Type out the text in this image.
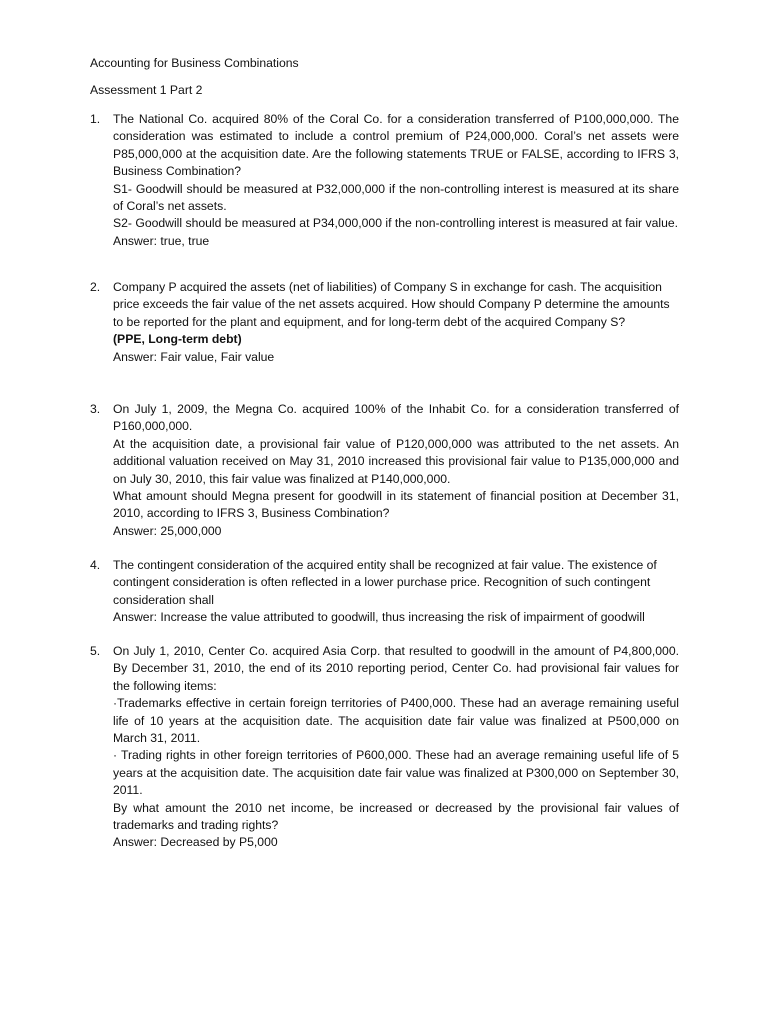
Accounting for Business Combinations
Assessment 1 Part 2
1.	The National Co. acquired 80% of the Coral Co. for a consideration transferred of P100,000,000. The consideration was estimated to include a control premium of P24,000,000. Coral’s net assets were P85,000,000 at the acquisition date. Are the following statements TRUE or FALSE, according to IFRS 3, Business Combination?

S1- Goodwill should be measured at P32,000,000 if the non-controlling interest is measured at its share of Coral’s net assets.

S2- Goodwill should be measured at P34,000,000 if the non-controlling interest is measured at fair value.

Answer: true, true

2.	Company P acquired the assets (net of liabilities) of Company S in exchange for cash. The acquisition price exceeds the fair value of the net assets acquired. How should Company P determine the amounts to be reported for the plant and equipment, and for long-term debt of the acquired Company S?

(PPE, Long-term debt)

Answer: Fair value, Fair value

3.	On July 1, 2009, the Megna Co. acquired 100% of the Inhabit Co. for a consideration transferred of P160,000,000.

At the acquisition date, a provisional fair value of P120,000,000 was attributed to the net assets. An additional valuation received on May 31, 2010 increased this provisional fair value to P135,000,000 and on July 30, 2010, this fair value was finalized at P140,000,000.

What amount should Megna present for goodwill in its statement of financial position at December 31, 2010, according to IFRS 3, Business Combination?

Answer: 25,000,000

4.	The contingent consideration of the acquired entity shall be recognized at fair value. The existence of contingent consideration is often reflected in a lower purchase price. Recognition of such contingent consideration shall

Answer: Increase the value attributed to goodwill, thus increasing the risk of impairment of goodwill

5.	On July 1, 2010, Center Co. acquired Asia Corp. that resulted to goodwill in the amount of P4,800,000. By December 31, 2010, the end of its 2010 reporting period, Center Co. had provisional fair values for the following items:

·Trademarks effective in certain foreign territories of P400,000. These had an average remaining useful life of 10 years at the acquisition date. The acquisition date fair value was finalized at P500,000 on March 31, 2011.

· Trading rights in other foreign territories of P600,000. These had an average remaining useful life of 5 years at the acquisition date. The acquisition date fair value was finalized at P300,000 on September 30, 2011.

By what amount the 2010 net income, be increased or decreased by the provisional fair values of trademarks and trading rights?

Answer: Decreased by P5,000
